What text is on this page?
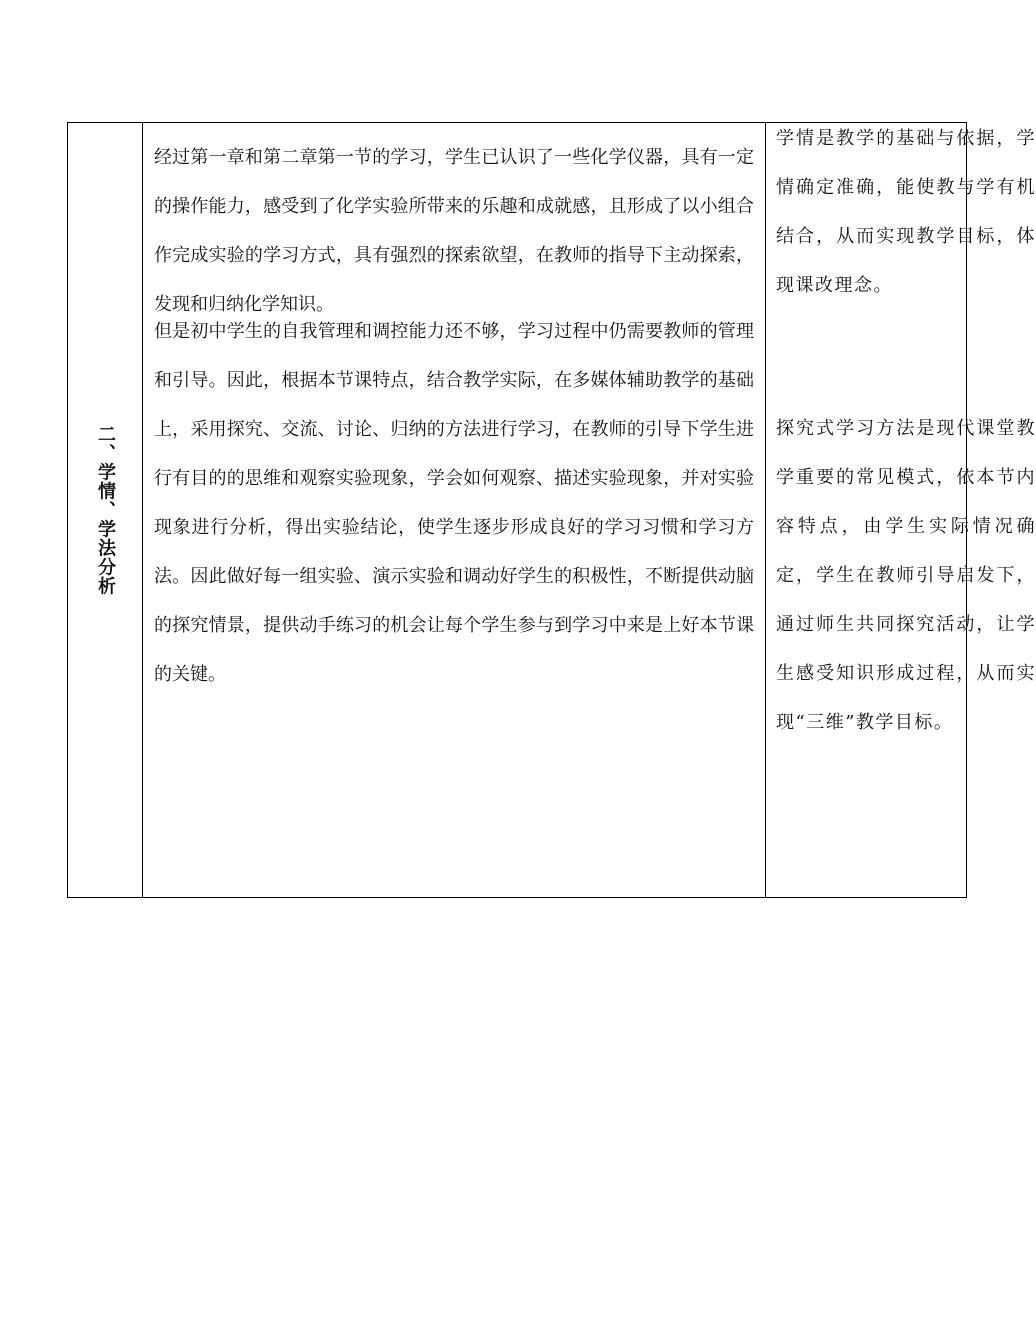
二、学情、学法分析

经过第一章和第二章第一节的学习，学生已认识了一些化学仪器，具有一定的操作能力，感受到了化学实验所带来的乐趣和成就感，且形成了以小组合作完成实验的学习方式，具有强烈的探索欲望，在教师的指导下主动探索，发现和归纳化学知识。

但是初中学生的自我管理和调控能力还不够，学习过程中仍需要教师的管理和引导。因此，根据本节课特点，结合教学实际，在多媒体辅助教学的基础上，采用探究、交流、讨论、归纳的方法进行学习，在教师的引导下学生进行有目的的思维和观察实验现象，学会如何观察、描述实验现象，并对实验现象进行分析，得出实验结论，使学生逐步形成良好的学习习惯和学习方法。因此做好每一组实验、演示实验和调动好学生的积极性，不断提供动脑的探究情景，提供动手练习的机会让每个学生参与到学习中来是上好本节课的关键。

学情是教学的基础与依据，学情确定准确，能使教与学有机结合，从而实现教学目标，体现课改理念。

探究式学习方法是现代课堂教学重要的常见模式，依本节内容特点，由学生实际情况确定，学生在教师引导启发下，通过师生共同探究活动，让学生感受知识形成过程，从而实现“三维”教学目标。
